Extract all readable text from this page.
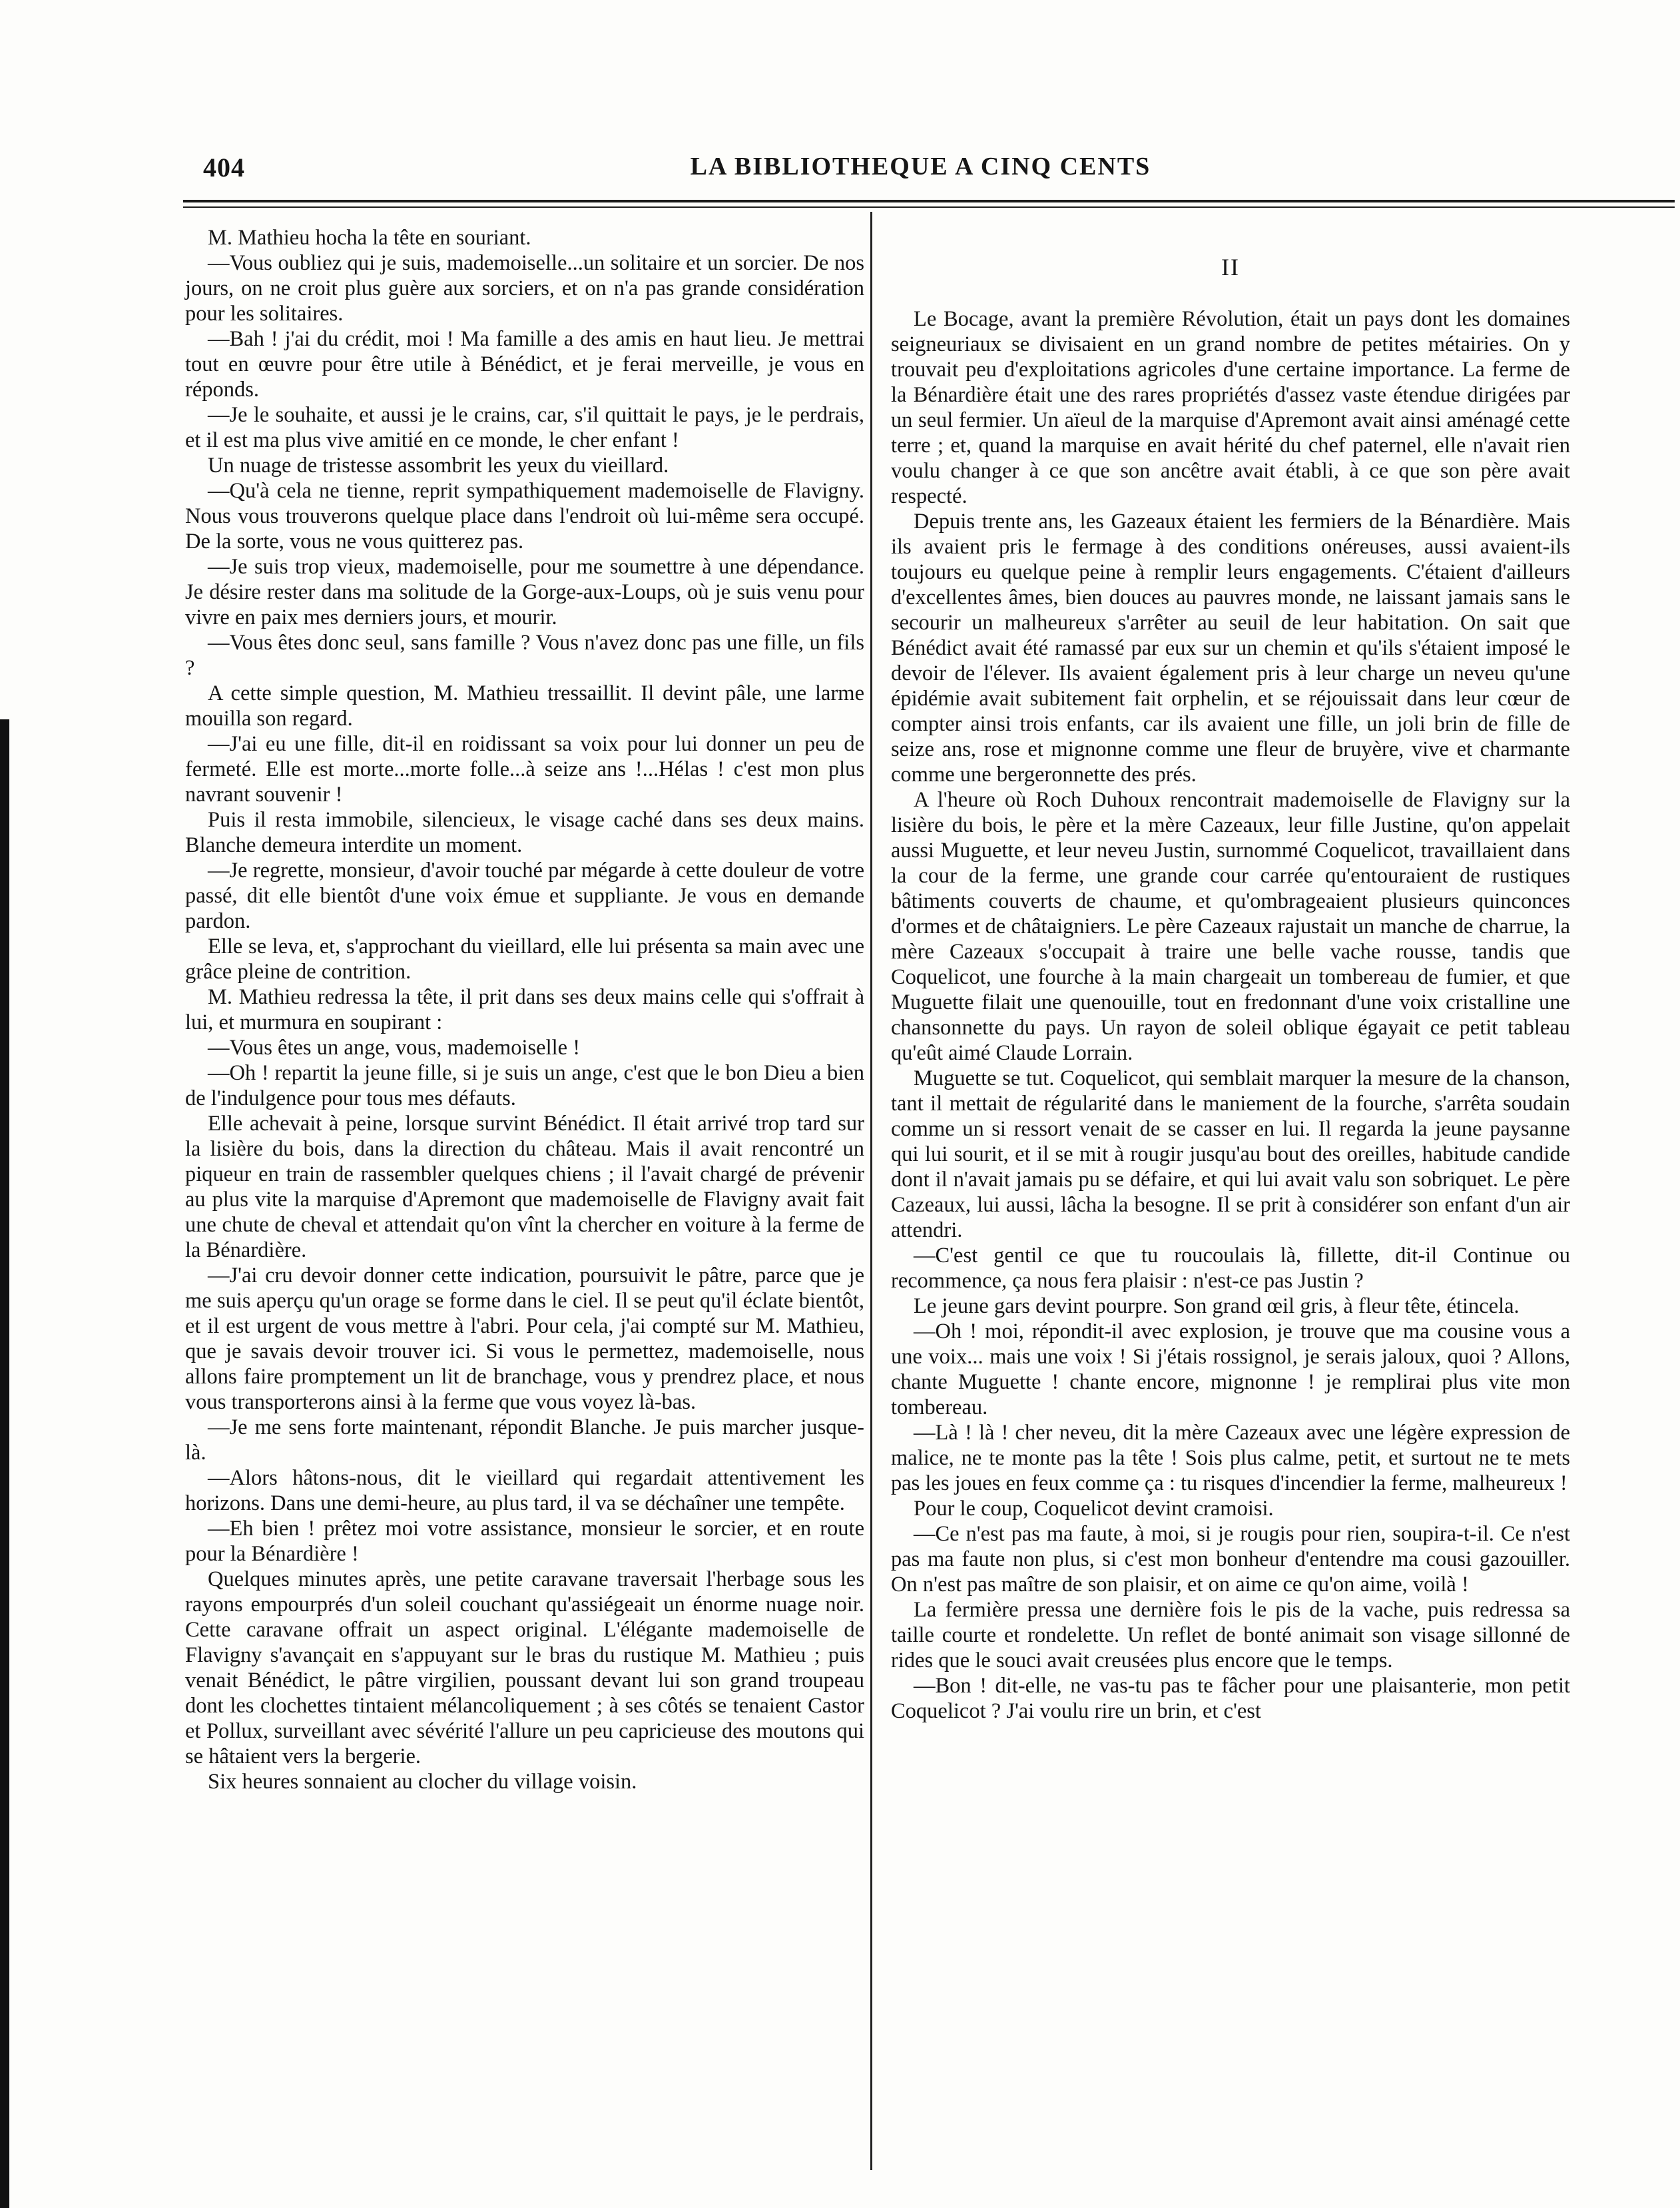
404	LA BIBLIOTHEQUE A CINQ CENTS

M. Mathieu hocha la tête en souriant.

—Vous oubliez qui je suis, mademoiselle...un solitaire et un sorcier. De nos jours, on ne croit plus guère aux sorciers, et on n'a pas grande considération pour les solitaires.

—Bah ! j'ai du crédit, moi ! Ma famille a des amis en haut lieu. Je mettrai tout en œuvre pour être utile à Bénédict, et je ferai merveille, je vous en réponds.

—Je le souhaite, et aussi je le crains, car, s'il quittait le pays, je le perdrais, et il est ma plus vive amitié en ce monde, le cher enfant !

Un nuage de tristesse assombrit les yeux du vieillard.

—Qu'à cela ne tienne, reprit sympathiquement mademoiselle de Flavigny. Nous vous trouverons quelque place dans l'endroit où lui-même sera occupé. De la sorte, vous ne vous quitterez pas.

—Je suis trop vieux, mademoiselle, pour me soumettre à une dépendance. Je désire rester dans ma solitude de la Gorge-aux-Loups, où je suis venu pour vivre en paix mes derniers jours, et mourir.

—Vous êtes donc seul, sans famille ? Vous n'avez donc pas une fille, un fils ?

A cette simple question, M. Mathieu tressaillit. Il devint pâle, une larme mouilla son regard.

—J'ai eu une fille, dit-il en roidissant sa voix pour lui donner un peu de fermeté. Elle est morte...morte folle...à seize ans !...Hélas ! c'est mon plus navrant souvenir !

Puis il resta immobile, silencieux, le visage caché dans ses deux mains. Blanche demeura interdite un moment.

—Je regrette, monsieur, d'avoir touché par mégarde à cette douleur de votre passé, dit elle bientôt d'une voix émue et suppliante. Je vous en demande pardon.

Elle se leva, et, s'approchant du vieillard, elle lui présenta sa main avec une grâce pleine de contrition.

M. Mathieu redressa la tête, il prit dans ses deux mains celle qui s'offrait à lui, et murmura en soupirant :

—Vous êtes un ange, vous, mademoiselle !

—Oh ! repartit la jeune fille, si je suis un ange, c'est que le bon Dieu a bien de l'indulgence pour tous mes défauts.

Elle achevait à peine, lorsque survint Bénédict. Il était arrivé trop tard sur la lisière du bois, dans la direction du château. Mais il avait rencontré un piqueur en train de rassembler quelques chiens ; il l'avait chargé de prévenir au plus vite la marquise d'Apremont que mademoiselle de Flavigny avait fait une chute de cheval et attendait qu'on vînt la chercher en voiture à la ferme de la Bénardière.

—J'ai cru devoir donner cette indication, poursuivit le pâtre, parce que je me suis aperçu qu'un orage se forme dans le ciel. Il se peut qu'il éclate bientôt, et il est urgent de vous mettre à l'abri. Pour cela, j'ai compté sur M. Mathieu, que je savais devoir trouver ici. Si vous le permettez, mademoiselle, nous allons faire promptement un lit de branchage, vous y prendrez place, et nous vous transporterons ainsi à la ferme que vous voyez là-bas.

—Je me sens forte maintenant, répondit Blanche. Je puis marcher jusque-là.

—Alors hâtons-nous, dit le vieillard qui regardait attentivement les horizons. Dans une demi-heure, au plus tard, il va se déchaîner une tempête.

—Eh bien ! prêtez moi votre assistance, monsieur le sorcier, et en route pour la Bénardière !

Quelques minutes après, une petite caravane traversait l'herbage sous les rayons empourprés d'un soleil couchant qu'assiégeait un énorme nuage noir. Cette caravane offrait un aspect original. L'élégante mademoiselle de Flavigny s'avançait en s'appuyant sur le bras du rustique M. Mathieu ; puis venait Bénédict, le pâtre virgilien, poussant devant lui son grand troupeau dont les clochettes tintaient mélancoliquement ; à ses côtés se tenaient Castor et Pollux, surveillant avec sévérité l'allure un peu capricieuse des moutons qui se hâtaient vers la bergerie.

Six heures sonnaient au clocher du village voisin.

II

Le Bocage, avant la première Révolution, était un pays dont les domaines seigneuriaux se divisaient en un grand nombre de petites métairies. On y trouvait peu d'exploitations agricoles d'une certaine importance. La ferme de la Bénardière était une des rares propriétés d'assez vaste étendue dirigées par un seul fermier. Un aïeul de la marquise d'Apremont avait ainsi aménagé cette terre ; et, quand la marquise en avait hérité du chef paternel, elle n'avait rien voulu changer à ce que son ancêtre avait établi, à ce que son père avait respecté.

Depuis trente ans, les Gazeaux étaient les fermiers de la Bénardière. Mais ils avaient pris le fermage à des conditions onéreuses, aussi avaient-ils toujours eu quelque peine à remplir leurs engagements. C'étaient d'ailleurs d'excellentes âmes, bien douces au pauvres monde, ne laissant jamais sans le secourir un malheureux s'arrêter au seuil de leur habitation. On sait que Bénédict avait été ramassé par eux sur un chemin et qu'ils s'étaient imposé le devoir de l'élever. Ils avaient également pris à leur charge un neveu qu'une épidémie avait subitement fait orphelin, et se réjouissait dans leur cœur de compter ainsi trois enfants, car ils avaient une fille, un joli brin de fille de seize ans, rose et mignonne comme une fleur de bruyère, vive et charmante comme une bergeronnette des prés.

A l'heure où Roch Duhoux rencontrait mademoiselle de Flavigny sur la lisière du bois, le père et la mère Cazeaux, leur fille Justine, qu'on appelait aussi Muguette, et leur neveu Justin, surnommé Coquelicot, travaillaient dans la cour de la ferme, une grande cour carrée qu'entouraient de rustiques bâtiments couverts de chaume, et qu'ombrageaient plusieurs quinconces d'ormes et de châtaigniers. Le père Cazeaux rajustait un manche de charrue, la mère Cazeaux s'occupait à traire une belle vache rousse, tandis que Coquelicot, une fourche à la main chargeait un tombereau de fumier, et que Muguette filait une quenouille, tout en fredonnant d'une voix cristalline une chansonnette du pays. Un rayon de soleil oblique égayait ce petit tableau qu'eût aimé Claude Lorrain.

Muguette se tut. Coquelicot, qui semblait marquer la mesure de la chanson, tant il mettait de régularité dans le maniement de la fourche, s'arrêta soudain comme un si ressort venait de se casser en lui. Il regarda la jeune paysanne qui lui sourit, et il se mit à rougir jusqu'au bout des oreilles, habitude candide dont il n'avait jamais pu se défaire, et qui lui avait valu son sobriquet. Le père Cazeaux, lui aussi, lâcha la besogne. Il se prit à considérer son enfant d'un air attendri.

—C'est gentil ce que tu roucoulais là, fillette, dit-il Continue ou recommence, ça nous fera plaisir : n'est-ce pas Justin ?

Le jeune gars devint pourpre. Son grand œil gris, à fleur tête, étincela.

—Oh ! moi, répondit-il avec explosion, je trouve que ma cousine vous a une voix... mais une voix ! Si j'étais rossignol, je serais jaloux, quoi ? Allons, chante Muguette ! chante encore, mignonne ! je remplirai plus vite mon tombereau.

—Là ! là ! cher neveu, dit la mère Cazeaux avec une légère expression de malice, ne te monte pas la tête ! Sois plus calme, petit, et surtout ne te mets pas les joues en feux comme ça : tu risques d'incendier la ferme, malheureux !

Pour le coup, Coquelicot devint cramoisi.

—Ce n'est pas ma faute, à moi, si je rougis pour rien, soupira-t-il. Ce n'est pas ma faute non plus, si c'est mon bonheur d'entendre ma cousi gazouiller. On n'est pas maître de son plaisir, et on aime ce qu'on aime, voilà !

La fermière pressa une dernière fois le pis de la vache, puis redressa sa taille courte et rondelette. Un reflet de bonté animait son visage sillonné de rides que le souci avait creusées plus encore que le temps.

—Bon ! dit-elle, ne vas-tu pas te fâcher pour une plaisanterie, mon petit Coquelicot ? J'ai voulu rire un brin, et c'est
